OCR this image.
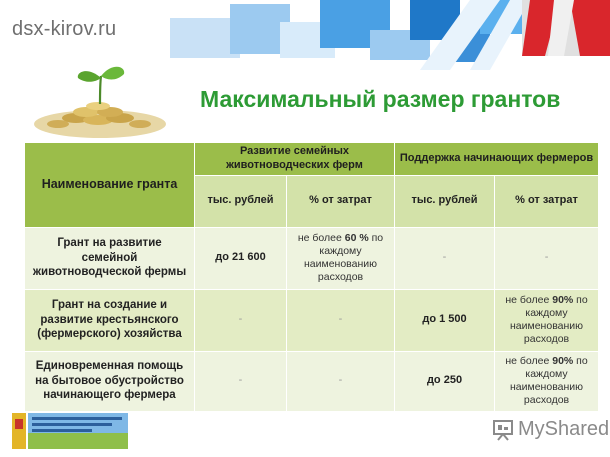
dsx-kirov.ru
Максимальный размер грантов
Наименование гранта	Развитие семейных животноводческих ферм		Поддержка начинающих фермеров	
	тыс. рублей	% от затрат	тыс. рублей	% от затрат
Грант на развитие семейной животноводческой фермы	до 21 600	не более 60 % по каждому наименованию расходов	-	-
Грант на создание и развитие крестьянского (фермерского) хозяйства	-	-	до 1 500	не более 90% по каждому наименованию расходов
Единовременная помощь на бытовое обустройство начинающего фермера	-	-	до 250	не более 90% по каждому наименованию расходов
MyShared
